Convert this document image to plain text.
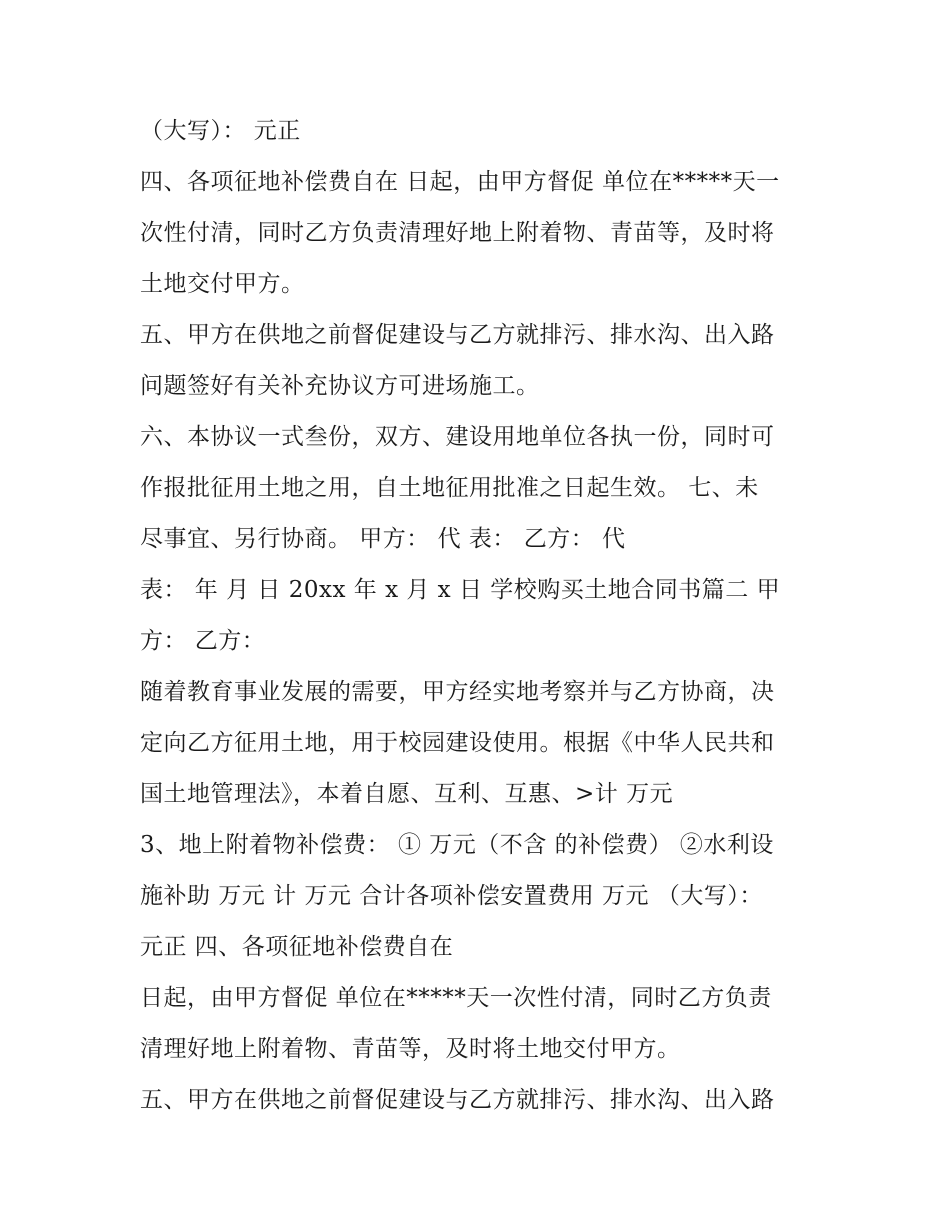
（大写）： 元正
四、各项征地补偿费自在 日起，由甲方督促 单位在*****天一
次性付清，同时乙方负责清理好地上附着物、青苗等，及时将
土地交付甲方。
五、甲方在供地之前督促建设与乙方就排污、排水沟、出入路
问题签好有关补充协议方可进场施工。
六、本协议一式叁份，双方、建设用地单位各执一份，同时可
作报批征用土地之用，自土地征用批准之日起生效。 七、未
尽事宜、另行协商。 甲方： 代 表： 乙方： 代
表： 年 月 日 20xx 年 x 月 x 日 学校购买土地合同书篇二 甲
方： 乙方：
随着教育事业发展的需要，甲方经实地考察并与乙方协商，决
定向乙方征用土地，用于校园建设使用。根据《中华人民共和
国土地管理法》，本着自愿、互利、互惠、>计 万元
3、地上附着物补偿费： ① 万元（不含 的补偿费） ②水利设
施补助 万元 计 万元 合计各项补偿安置费用 万元 （大写）：
元正 四、各项征地补偿费自在
日起，由甲方督促 单位在*****天一次性付清，同时乙方负责
清理好地上附着物、青苗等，及时将土地交付甲方。
五、甲方在供地之前督促建设与乙方就排污、排水沟、出入路
